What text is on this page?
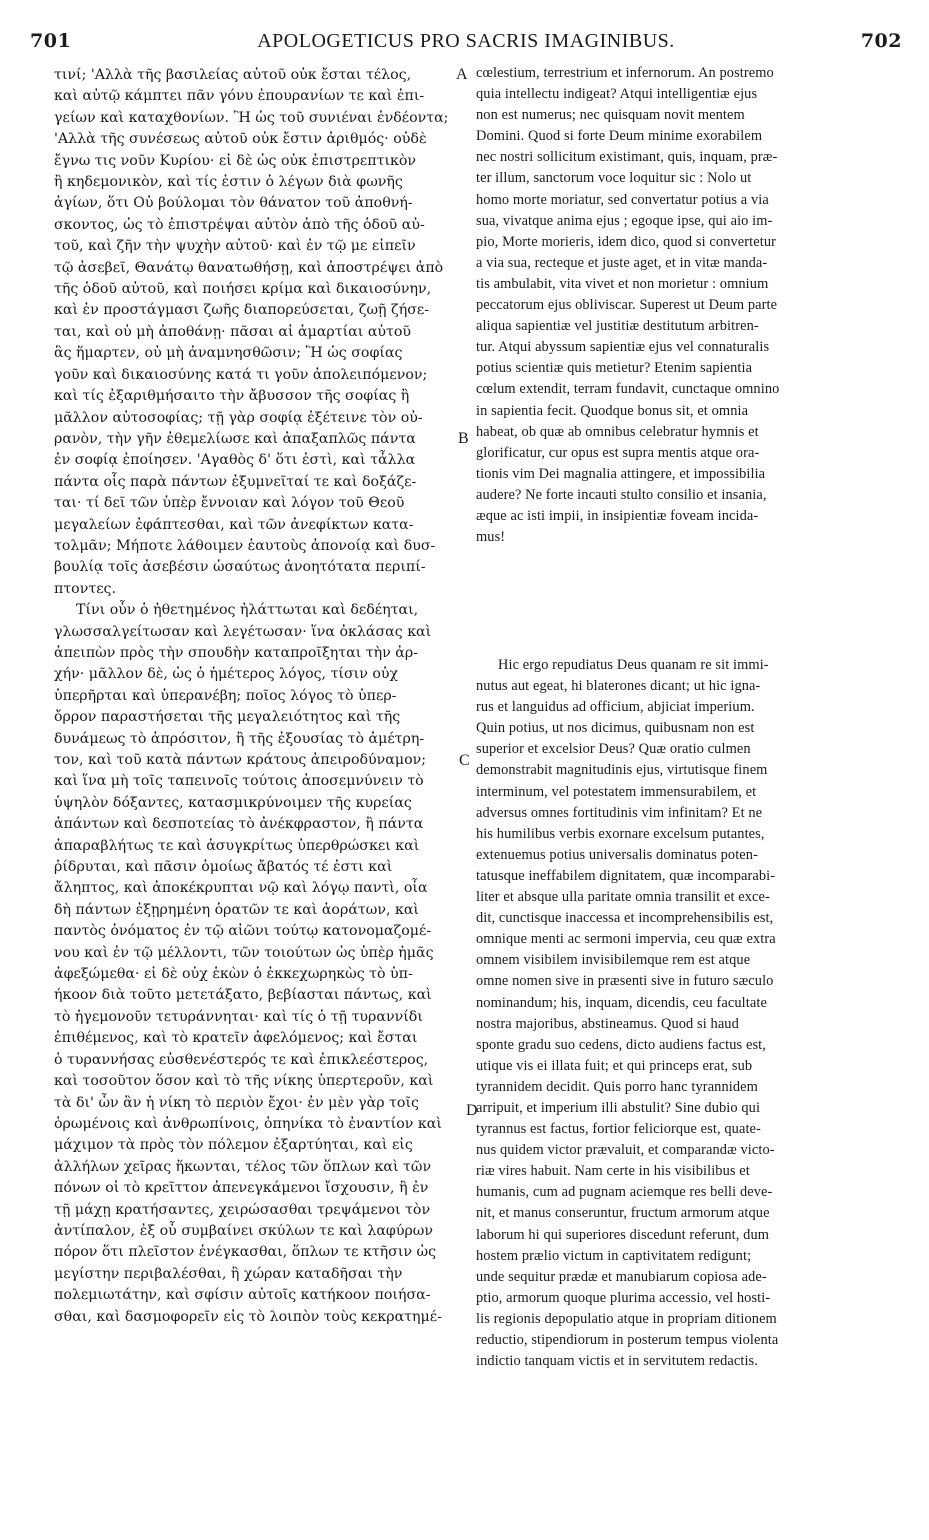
701	APOLOGETICUS PRO SACRIS IMAGINIBUS.	702
τινί; 'Αλλὰ τῆς βασιλείας αὐτοῦ οὐκ ἔσται τέλος,
καὶ αὐτῷ κάμπτει πᾶν γόνυ ἐπουρανίων τε καὶ ἐπι-
γείων καὶ καταχθονίων. Ἢ ὡς τοῦ συνιέναι ἐνδέοντα;
'Αλλὰ τῆς συνέσεως αὐτοῦ οὐκ ἔστιν ἀριθμός· οὐδὲ
ἔγνω τις νοῦν Κυρίου· εἰ δὲ ὡς οὐκ ἐπιστρεπτικὸν
ἢ κηδεμονικὸν, καὶ τίς ἐστιν ὁ λέγων διὰ φωνῆς
ἁγίων, ὅτι Οὐ βούλομαι τὸν θάνατον τοῦ ἀποθνή-
σκοντος, ὡς τὸ ἐπιστρέψαι αὐτὸν ἀπὸ τῆς ὁδοῦ αὐ-
τοῦ, καὶ ζῆν τὴν ψυχὴν αὐτοῦ· καὶ ἐν τῷ με εἰπεῖν
τῷ ἀσεβεῖ, Θανάτῳ θανατωθήσῃ, καὶ ἀποστρέψει ἀπὸ
τῆς ὁδοῦ αὐτοῦ, καὶ ποιήσει κρίμα καὶ δικαιοσύνην,
καὶ ἐν προστάγμασι ζωῆς διαπορεύσεται, ζωῇ ζήσε-
ται, καὶ οὐ μὴ ἀποθάνῃ· πᾶσαι αἱ ἁμαρτίαι αὐτοῦ
ἃς ἥμαρτεν, οὐ μὴ ἀναμνησθῶσιν; Ἢ ὡς σοφίας
γοῦν καὶ δικαιοσύνης κατά τι γοῦν ἀπολειπόμενον;
καὶ τίς ἐξαριθμήσαιτο τὴν ἄβυσσον τῆς σοφίας ἢ
μᾶλλον αὐτοσοφίας; τῇ γὰρ σοφίᾳ ἐξέτεινε τὸν οὐ-
ρανὸν, τὴν γῆν ἐθεμελίωσε καὶ ἁπαξαπλῶς πάντα
ἐν σοφίᾳ ἐποίησεν. 'Αγαθὸς δ' ὅτι ἐστὶ, καὶ τἆλλα
πάντα οἷς παρὰ πάντων ἐξυμνεῖταί τε καὶ δοξάζε-
ται· τί δεῖ τῶν ὑπὲρ ἔννοιαν καὶ λόγον τοῦ Θεοῦ
μεγαλείων ἐφάπτεσθαι, καὶ τῶν ἀνεφίκτων κατα-
τολμᾶν; Μήποτε λάθοιμεν ἑαυτοὺς ἀπονοίᾳ καὶ δυσ-
βουλίᾳ τοῖς ἀσεβέσιν ὡσαύτως ἀνοητότατα περιπί-
πτοντες.
Τίνι οὖν ὁ ἠθετημένος ἠλάττωται καὶ δεδέηται,
γλωσσαλγείτωσαν καὶ λεγέτωσαν· ἵνα ὀκλάσας καὶ
ἀπειπὼν πρὸς τὴν σπουδὴν καταπροῖξηται τὴν ἀρ-
χήν· μᾶλλον δὲ, ὡς ὁ ἡμέτερος λόγος, τίσιν οὐχ
ὑπερῆρται καὶ ὑπερανέβη; ποῖος λόγος τὸ ὑπερ-
ὄρρον παραστήσεται τῆς μεγαλειότητος καὶ τῆς
δυνάμεως τὸ ἀπρόσιτον, ἢ τῆς ἐξουσίας τὸ ἀμέτρη-
τον, καὶ τοῦ κατὰ πάντων κράτους ἀπειροδύναμον;
καὶ ἵνα μὴ τοῖς ταπεινοῖς τούτοις ἀποσεμνύνειν τὸ
ὑψηλὸν δόξαντες, κατασμικρύνοιμεν τῆς κυρείας
ἁπάντων καὶ δεσποτείας τὸ ἀνέκφραστον, ἢ πάντα
ἀπαραβλήτως τε καὶ ἀσυγκρίτως ὑπερθρώσκει καὶ
ῥίδρυται, καὶ πᾶσιν ὁμοίως ἄβατός τέ ἐστι καὶ
ἄληπτος, καὶ ἀποκέκρυπται νῷ καὶ λόγῳ παντὶ, οἷα
δὴ πάντων ἐξῃρημένη ὁρατῶν τε καὶ ἀοράτων, καὶ
παντὸς ὀνόματος ἐν τῷ αἰῶνι τούτῳ κατονομαζομέ-
νου καὶ ἐν τῷ μέλλοντι, τῶν τοιούτων ὡς ὑπὲρ ἡμᾶς
ἀφεξώμεθα· εἰ δὲ οὐχ ἑκὼν ὁ ἐκκεχωρηκὼς τὸ ὑπ-
ήκοον διὰ τοῦτο μετετάξατο, βεβίασται πάντως, καὶ
τὸ ἡγεμονοῦν τετυράννηται· καὶ τίς ὁ τῇ τυραννίδι
ἐπιθέμενος, καὶ τὸ κρατεῖν ἀφελόμενος; καὶ ἔσται
ὁ τυραννήσας εὐσθενέστερός τε καὶ ἐπικλεέστερος,
καὶ τοσοῦτον ὅσον καὶ τὸ τῆς νίκης ὑπερτεροῦν, καὶ
τὰ δι' ὧν ἂν ἡ νίκη τὸ περιὸν ἔχοι· ἐν μὲν γὰρ τοῖς
ὁρωμένοις καὶ ἀνθρωπίνοις, ὁπηνίκα τὸ ἐναντίον καὶ
μάχιμον τὰ πρὸς τὸν πόλεμον ἐξαρτύηται, καὶ εἰς
ἀλλήλων χεῖρας ἥκωνται, τέλος τῶν ὅπλων καὶ τῶν
πόνων οἱ τὸ κρεῖττον ἀπενεγκάμενοι ἴσχουσιν, ἢ ἐν
τῇ μάχῃ κρατήσαντες, χειρώσασθαι τρεψάμενοι τὸν
ἀντίπαλον, ἐξ οὗ συμβαίνει σκύλων τε καὶ λαφύρων
πόρον ὅτι πλεῖστον ἐνέγκασθαι, ὅπλων τε κτῆσιν ὡς
μεγίστην περιβαλέσθαι, ἢ χώραν καταδῆσαι τὴν
πολεμιωτάτην, καὶ σφίσιν αὐτοῖς κατήκοον ποιήσα-
σθαι, καὶ δασμοφορεῖν εἰς τὸ λοιπὸν τοὺς κεκρατημέ-
cœlestium, terrestrium et infernorum. An postremo
quia intellectu indigeat? Atqui intelligentiæ ejus
non est numerus; nec quisquam novit mentem
Domini. Quod si forte Deum minime exorabilem
nec nostri sollicitum existimant, quis, inquam, præ-
ter illum, sanctorum voce loquitur sic : Nolo ut
homo morte moriatur, sed convertatur potius a via
sua, vivatque anima ejus ; egoque ipse, qui aio im-
pio, Morte morieris, idem dico, quod si convertetur
a via sua, recteque et juste aget, et in vitæ manda-
tis ambulabit, vita vivet et non morietur : omnium
peccatorum ejus obliviscar. Superest ut Deum parte
aliqua sapientiæ vel justitiæ destitutum arbitren-
tur. Atqui abyssum sapientiæ ejus vel connaturalis
potius scientiæ quis metietur? Etenim sapientia
cœlum extendit, terram fundavit, cunctaque omnino
in sapientia fecit. Quodque bonus sit, et omnia
habeat, ob quæ ab omnibus celebratur hymnis et
glorificatur, cur opus est supra mentis atque ora-
tionis vim Dei magnalia attingere, et impossibilia
audere? Ne forte incauti stulto consilio et insania,
æque ac isti impii, in insipientiæ foveam incida-
mus!
Hic ergo repudiatus Deus quanam re sit immi-
nutus aut egeat, hi blaterones dicant; ut hic igna-
rus et languidus ad officium, abjiciat imperium.
Quin potius, ut nos dicimus, quibusnam non est
superior et excelsior Deus? Quæ oratio culmen
demonstrabit magnitudinis ejus, virtutisque finem
interminum, vel potestatem immensurabilem, et
adversus omnes fortitudinis vim infinitam? Et ne
his humilibus verbis exornare excelsum putantes,
extenuemus potius universalis dominatus poten-
tatusque ineffabilem dignitatem, quæ incomparabi-
liter et absque ulla paritate omnia transilit et exce-
dit, cunctisque inaccessa et incomprehensibilis est,
omnique menti ac sermoni impervia, ceu quæ extra
omnem visibilem invisibilemque rem est atque
omne nomen sive in præsenti sive in futuro sæculo
nominandum; his, inquam, dicendis, ceu facultate
nostra majoribus, abstineamus. Quod si haud
sponte gradu suo cedens, dicto audiens factus est,
utique vis ei illata fuit; et qui princeps erat, sub
tyrannidem decidit. Quis porro hanc tyrannidem
arripuit, et imperium illi abstulit? Sine dubio qui
tyrannus est factus, fortior feliciorque est, quate-
nus quidem victor prævaluit, et comparandæ victo-
riæ vires habuit. Nam certe in his visibilibus et
humanis, cum ad pugnam aciemque res belli deve-
nit, et manus conseruntur, fructum armorum atque
laborum hi qui superiores discedunt referunt, dum
hostem prælio victum in captivitatem redigunt;
unde sequitur prædæ et manubiarum copiosa ade-
ptio, armorum quoque plurima accessio, vel hosti-
lis regionis depopulatio atque in propriam ditionem
reductio, stipendiorum in posterum tempus violenta
indictio tanquam victis et in servitutem redactis.
A
B
C
D
